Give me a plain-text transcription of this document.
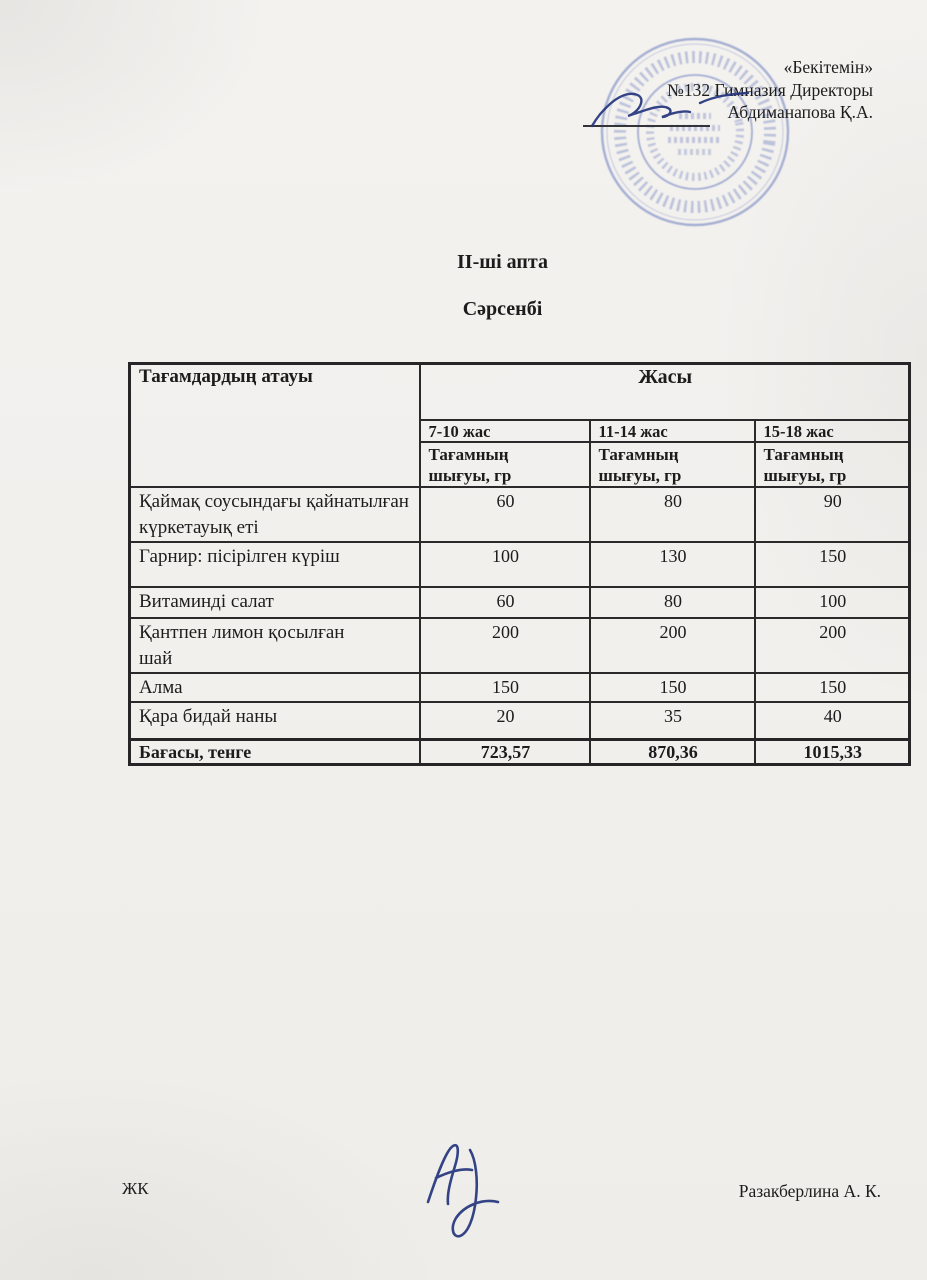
«Бекітемін»
№132 Гимназия Директоры
Абдиманапова Қ.А.
II-ші апта
Сәрсенбі
Тағамдардың атауы	Жасы		
	7-10 жас	11-14 жас	15-18 жас
	Тағамның шығуы, гр	Тағамның шығуы, гр	Тағамның шығуы, гр
Қаймақ соусындағы қайнатылған күркетауық еті	60	80	90
Гарнир: пісірілген күріш	100	130	150
Витаминді салат	60	80	100
Қантпен лимон қосылған шай	200	200	200
Алма	150	150	150
Қара бидай наны	20	35	40
Бағасы, тенге	723,57	870,36	1015,33
ЖК	Разакберлина А. К.
